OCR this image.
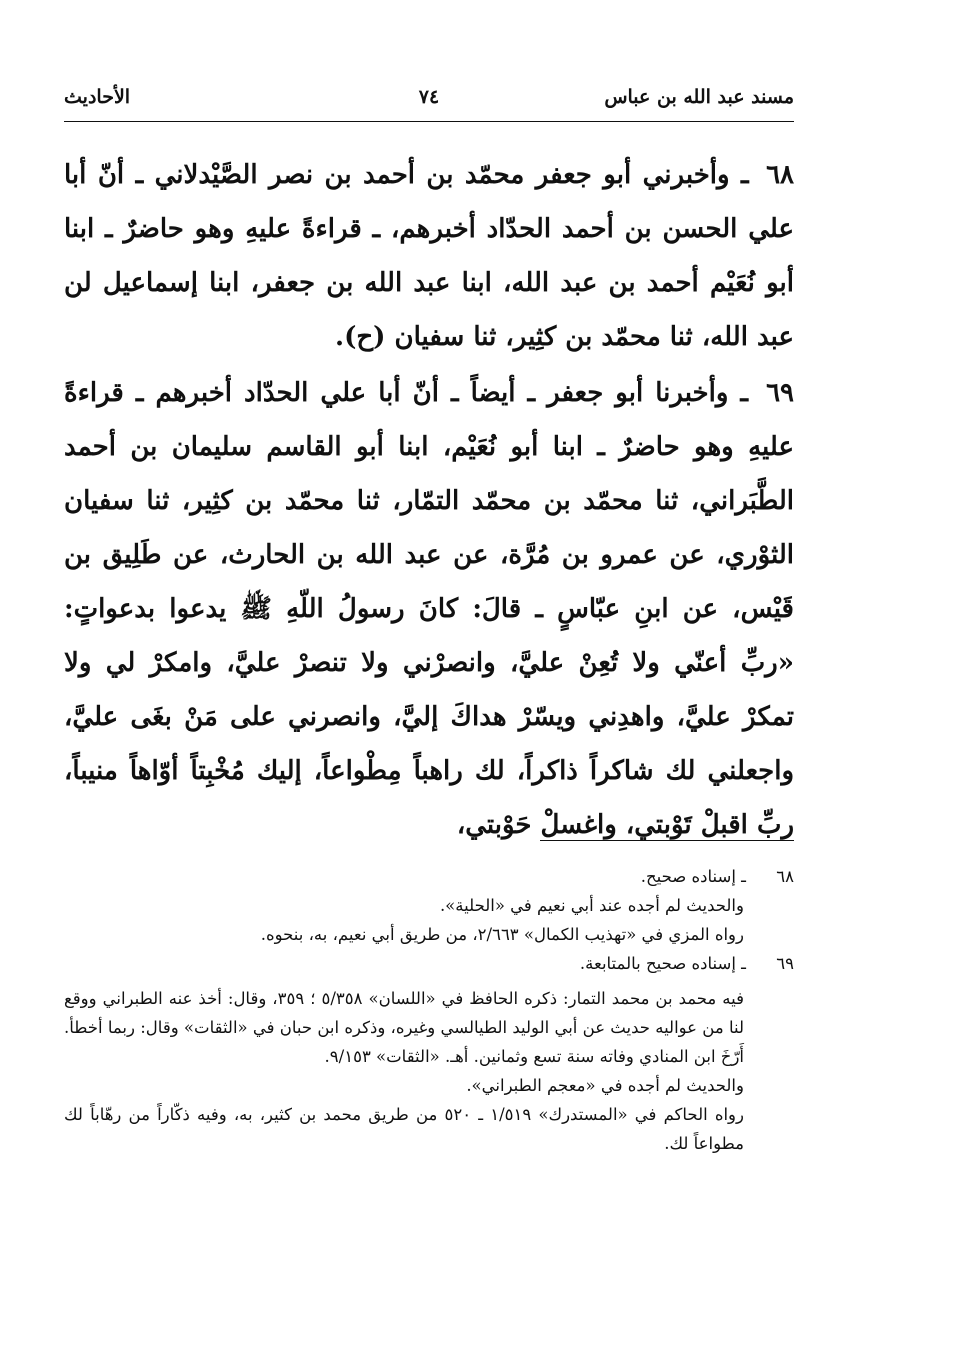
مسند عبد الله بن عباس
٧٤
الأحاديث

٦٨ ـ وأخبرني أبو جعفر محمّد بن أحمد بن نصر الصَّيْدلاني ـ أنّ أبا علي الحسن بن أحمد الحدّاد أخبرهم، ـ قراءةً عليهِ وهو حاضرٌ ـ ابنا أبو نُعَيْم أحمد بن عبد الله، ابنا عبد الله بن جعفر، ابنا إسماعيل لن عبد الله، ثنا محمّد بن كثِير، ثنا سفيان (ح).

٦٩ ـ وأخبرنا أبو جعفر ـ أيضاً ـ أنّ أبا علي الحدّاد أخبرهم ـ قراءةً عليهِ وهو حاضرٌ ـ ابنا أبو نُعَيْم، ابنا أبو القاسم سليمان بن أحمد الطَّبَراني، ثنا محمّد بن محمّد التمّار، ثنا محمّد بن كثِير، ثنا سفيان الثوْري، عن عمرو بن مُرَّة، عن عبد الله بن الحارث، عن طَلِيق بن قَيْس، عن ابنِ عبّاسٍ ـ قالَ: كانَ رسولُ اللّهِ ﷺ يدعوا بدعواتٍ: «ربِّ أعنّي ولا تُعِنْ عليَّ، وانصرْني ولا تنصرْ عليَّ، وامكرْ لي ولا تمكرْ عليَّ، واهدِني ويسّرْ هداكَ إليَّ، وانصرني على مَنْ بغَى عليَّ، واجعلني لك شاكراً ذاكراً، لك راهباً مِطْواعاً، إليك مُخْبِتاً أوّاهاً منيباً، ربِّ اقبلْ تَوْبتي، واغسلْ حَوْبتي،

٦٨ـ إسناده صحيح.

والحديث لم أجده عند أبي نعيم في «الحلية».

رواه المزي في «تهذيب الكمال» ٢/٦٦٣، من طريق أبي نعيم، به، بنحوه.

٦٩ـ إسناده صحيح بالمتابعة.

فيه محمد بن محمد التمار: ذكره الحافظ في «اللسان» ٥/٣٥٨ ؛ ٣٥٩، وقال: أخذ عنه الطبراني ووقع لنا من عواليه حديث عن أبي الوليد الطيالسي وغيره، وذكره ابن حبان في «الثقات» وقال: ربما أخطأ. أَرّخَ ابن المنادي وفاته سنة تسع وثمانين. أهـ. «الثقات» ٩/١٥٣.

والحديث لم أجده في «معجم الطبراني».

رواه الحاكم في «المستدرك» ١/٥١٩ ـ ٥٢٠ من طريق محمد بن كثير، به، وفيه ذكّاراً من رهّاباً لك مطواعاً لك.
